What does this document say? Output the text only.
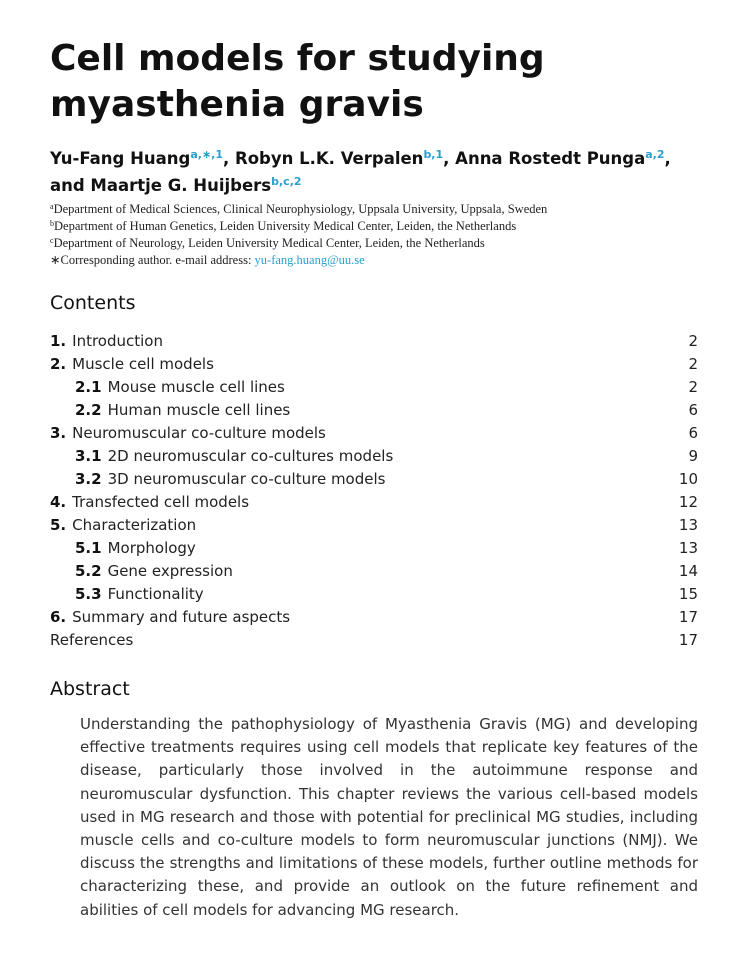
Cell models for studying myasthenia gravis
Yu-Fang Huang$^{a,∗,1}$, Robyn L.K. Verpalen$^{b,1}$, Anna Rostedt Punga$^{a,2}$,
and Maartje G. Huijbers$^{b,c,2}$
$^a$Department of Medical Sciences, Clinical Neurophysiology, Uppsala University, Uppsala, Sweden
$^b$Department of Human Genetics, Leiden University Medical Center, Leiden, the Netherlands
$^c$Department of Neurology, Leiden University Medical Center, Leiden, the Netherlands
∗Corresponding author. e-mail address: yu-fang.huang@uu.se
Contents
1. Introduction	2
2. Muscle cell models	2
2.1 Mouse muscle cell lines	2
2.2 Human muscle cell lines	6
3. Neuromuscular co-culture models	6
3.1 2D neuromuscular co-cultures models	9
3.2 3D neuromuscular co-culture models	10
4. Transfected cell models	12
5. Characterization	13
5.1 Morphology	13
5.2 Gene expression	14
5.3 Functionality	15
6. Summary and future aspects	17
References	17
Abstract

Understanding the pathophysiology of Myasthenia Gravis (MG) and developing effective treatments requires using cell models that replicate key features of the disease, particularly those involved in the autoimmune response and neuromuscular dysfunction. This chapter reviews the various cell-based models used in MG research and those with potential for preclinical MG studies, including muscle cells and co-culture models to form neuromuscular junctions (NMJ). We discuss the strengths and limitations of these models, further outline methods for characterizing these, and provide an outlook on the future refinement and abilities of cell models for advancing MG research.
